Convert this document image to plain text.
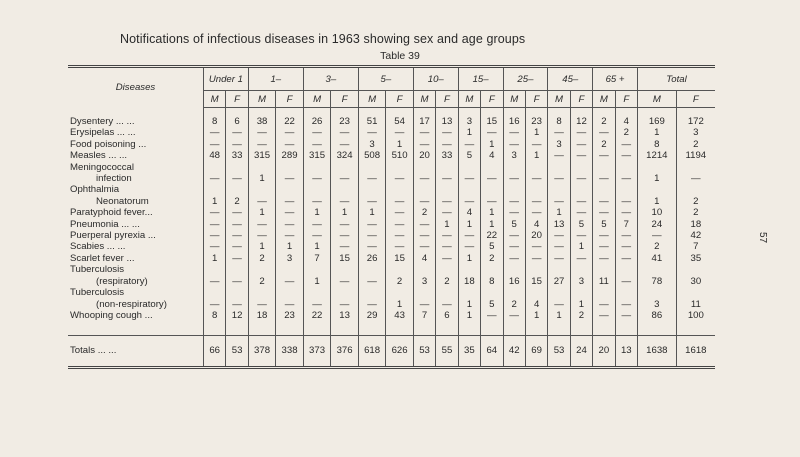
Notifications of infectious diseases in 1963 showing sex and age groups
Table 39
57
Diseases	Under 1		1–		3–		5–		10–		15–		25–		45–		65 +		Total	
	M	F	M	F	M	F	M	F	M	F	M	F	M	F	M	F	M	F	M	F

Dysentery ... ...	8	6	38	22	26	23	51	54	17	13	3	15	16	23	8	12	2	4	169	172
Erysipelas ... ...	—	—	—	—	—	—	—	—	—	—	1	—	—	1	—	—	—	2	1	3
Food poisoning ...	—	—	—	—	—	—	3	1	—	—	—	1	—	—	3	—	2	—	8	2
Measles ... ...	48	33	315	289	315	324	508	510	20	33	5	4	3	1	—	—	—	—	1214	1194
Meningococcal																				
infection	—	—	1	—	—	—	—	—	—	—	—	—	—	—	—	—	—	—	1	—
Ophthalmia																				
Neonatorum	1	2	—	—	—	—	—	—	—	—	—	—	—	—	—	—	—	—	1	2
Paratyphoid fever...	—	—	1	—	1	1	1	—	2	—	4	1	—	—	1	—	—	—	10	2
Pneumonia ... ...	—	—	—	—	—	—	—	—	—	1	1	1	5	4	13	5	5	7	24	18
Puerperal pyrexia ...	—	—	—	—	—	—	—	—	—	—	—	22	—	20	—	—	—	—	—	42
Scabies ... ...	—	—	1	1	1	—	—	—	—	—	—	5	—	—	—	1	—	—	2	7
Scarlet fever ...	1	—	2	3	7	15	26	15	4	—	1	2	—	—	—	—	—	—	41	35
Tuberculosis																				
(respiratory)	—	—	2	—	1	—	—	2	3	2	18	8	16	15	27	3	11	—	78	30
Tuberculosis																				
(non-respiratory)	—	—	—	—	—	—	—	1	—	—	1	5	2	4	—	1	—	—	3	11
Whooping cough ...	8	12	18	23	22	13	29	43	7	6	1	—	—	1	1	2	—	—	86	100

Totals ... ...	66	53	378	338	373	376	618	626	53	55	35	64	42	69	53	24	20	13	1638	1618
